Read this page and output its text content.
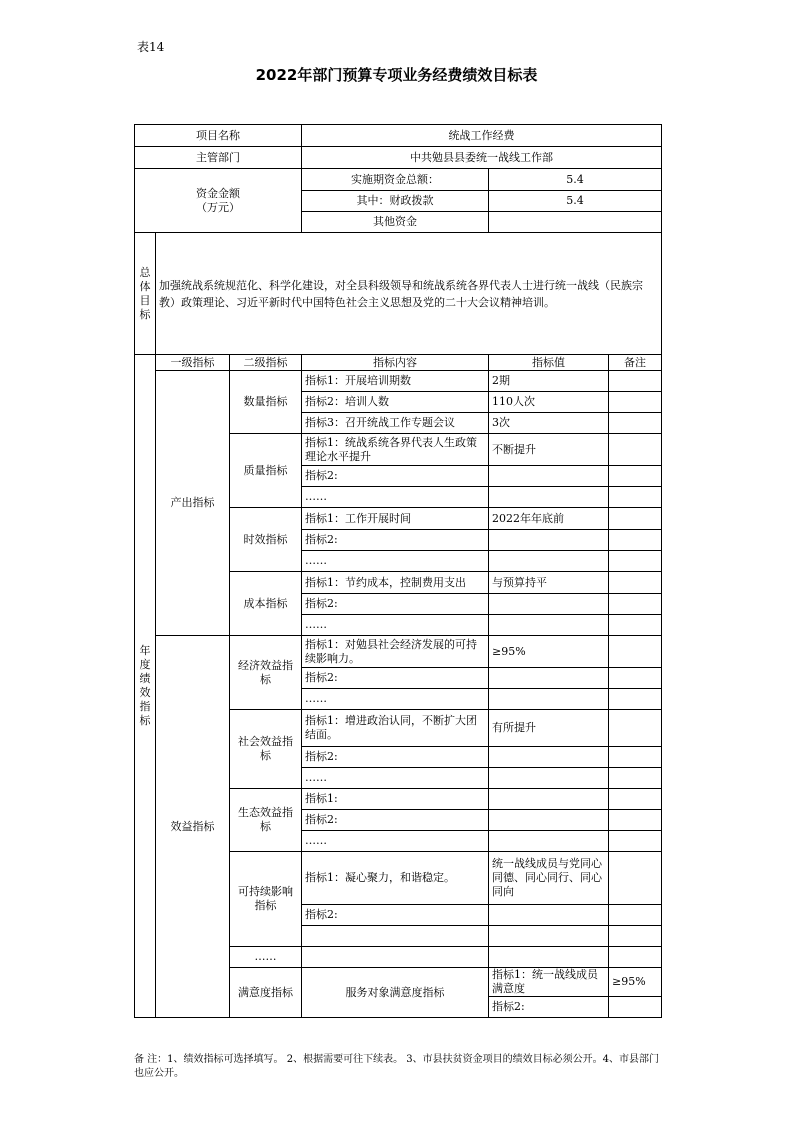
表14
2022年部门预算专项业务经费绩效目标表
项目名称			统战工作经费			
主管部门			中共勉县县委统一战线工作部			

资金金额
（万元）			实施期资金总额：	5.4		
			其中：财政拨款	5.4		
			其他资金			
总体目标	加强统战系统规范化、科学化建设，对全县科级领导和统战系统各界代表人士进行统一战线（民族宗教）政策理论、习近平新时代中国特色社会主义思想及党的二十大会议精神培训。					
年度绩效指标	一级指标	二级指标	指标内容	指标值	备注	
	产出指标	数量指标	指标1：开展培训期数	2期		
			指标2：培训人数	110人次		
			指标3：召开统战工作专题会议	3次		
		质量指标	指标1：统战系统各界代表人生政策理论水平提升	不断提升		
			指标2:			
			……			
		时效指标	指标1：工作开展时间	2022年年底前		
			指标2:			
			……			
		成本指标	指标1：节约成本，控制费用支出	与预算持平		
			指标2:			
			……			
	效益指标	经济效益指标	指标1：对勉县社会经济发展的可持续影响力。	≥95%		
			指标2:			
			……			
		社会效益指标	指标1：增进政治认同，不断扩大团结面。	有所提升		
			指标2:			
			……			
		生态效益指标	指标1:			
			指标2:			
			……			
		可持续影响指标	指标1：凝心聚力，和谐稳定。	统一战线成员与党同心同德、同心同行、同心同向		
			指标2:			

		……				
		满意度指标	服务对象满意度指标	指标1：统一战线成员满意度	≥95%	
				指标2:		
备 注：1、绩效指标可选择填写。 2、根据需要可往下续表。 3、市县扶贫资金项目的绩效目标必须公开。4、市县部门也应公开。
